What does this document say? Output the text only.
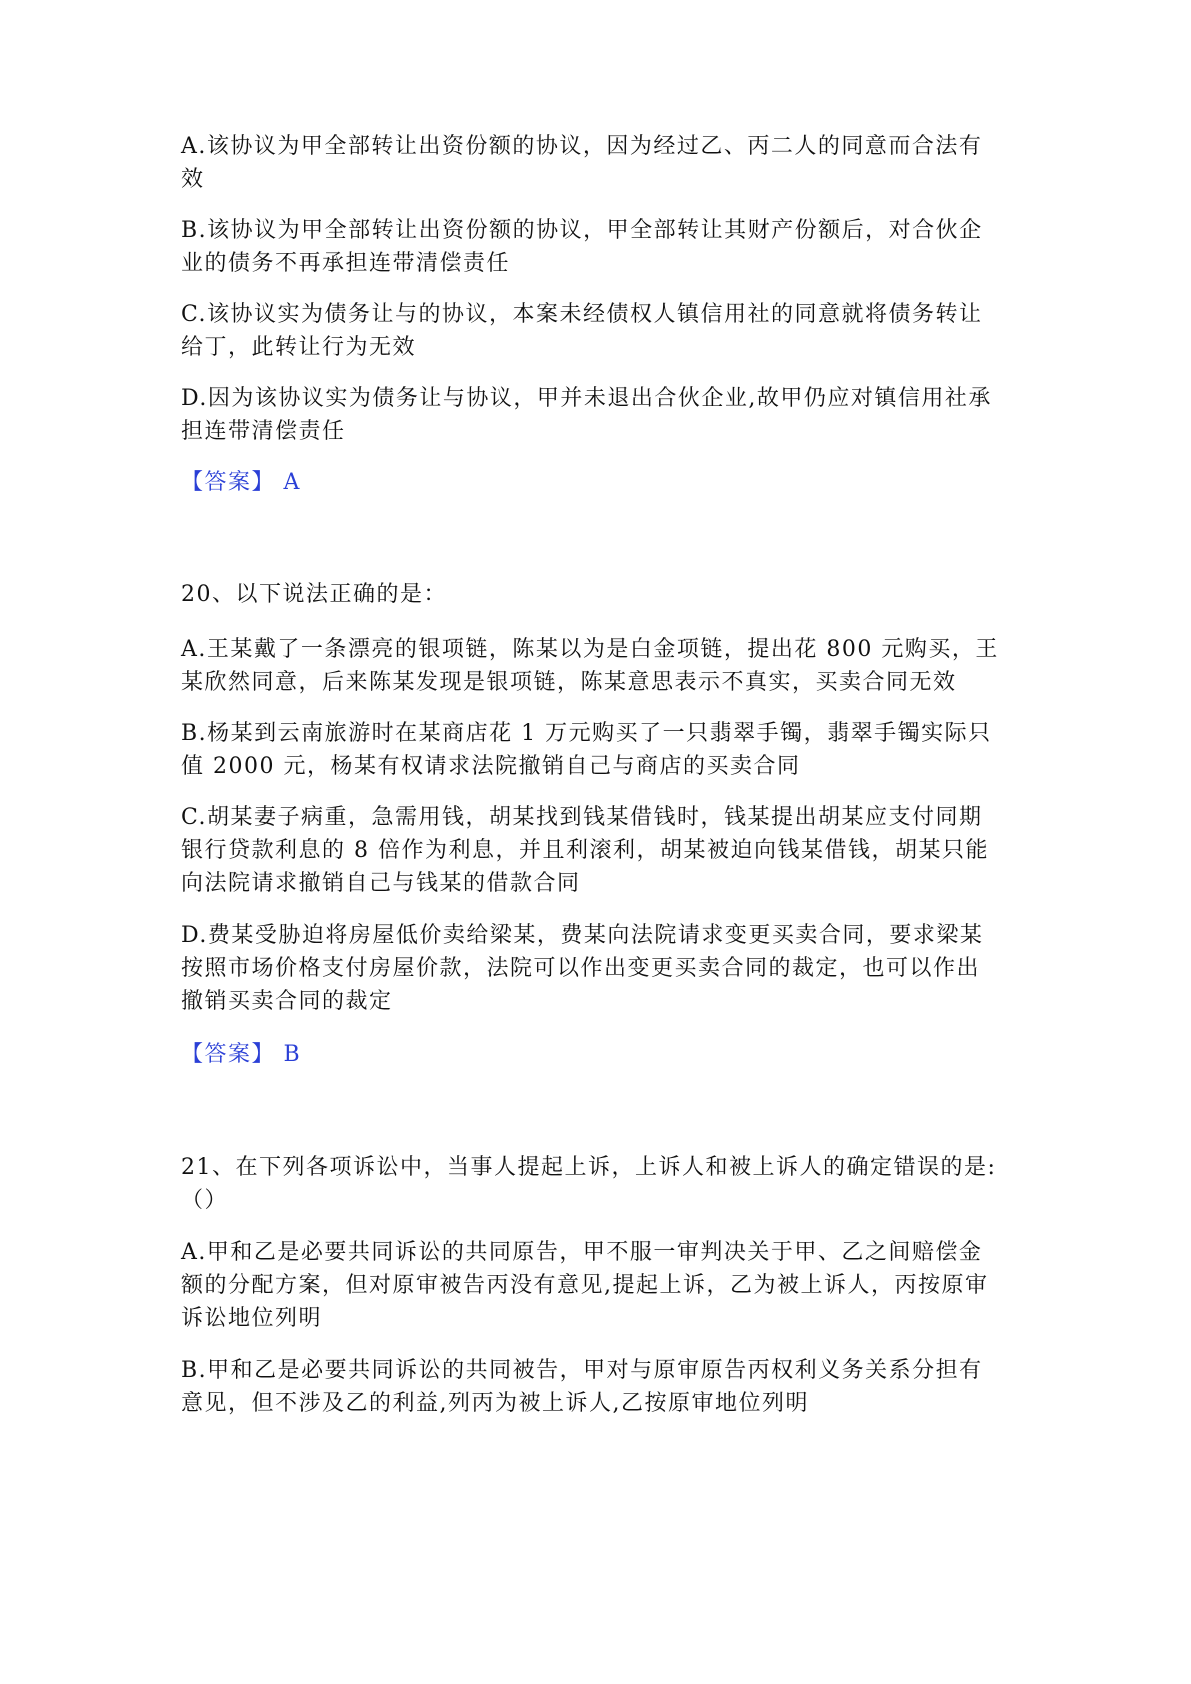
A.该协议为甲全部转让出资份额的协议，因为经过乙、丙二人的同意而合法有
效

B.该协议为甲全部转让出资份额的协议，甲全部转让其财产份额后，对合伙企
业的债务不再承担连带清偿责任

C.该协议实为债务让与的协议，本案未经债权人镇信用社的同意就将债务转让
给丁，此转让行为无效

D.因为该协议实为债务让与协议，甲并未退出合伙企业,故甲仍应对镇信用社承
担连带清偿责任

【答案】 A

20、以下说法正确的是：

A.王某戴了一条漂亮的银项链，陈某以为是白金项链，提出花 800 元购买，王
某欣然同意，后来陈某发现是银项链，陈某意思表示不真实，买卖合同无效

B.杨某到云南旅游时在某商店花 1 万元购买了一只翡翠手镯，翡翠手镯实际只
值 2000 元，杨某有权请求法院撤销自己与商店的买卖合同

C.胡某妻子病重，急需用钱，胡某找到钱某借钱时，钱某提出胡某应支付同期
银行贷款利息的 8 倍作为利息，并且利滚利，胡某被迫向钱某借钱，胡某只能
向法院请求撤销自己与钱某的借款合同

D.费某受胁迫将房屋低价卖给梁某，费某向法院请求变更买卖合同，要求梁某
按照市场价格支付房屋价款，法院可以作出变更买卖合同的裁定，也可以作出
撤销买卖合同的裁定

【答案】 B

21、在下列各项诉讼中，当事人提起上诉，上诉人和被上诉人的确定错误的是:
（）

A.甲和乙是必要共同诉讼的共同原告，甲不服一审判决关于甲、乙之间赔偿金
额的分配方案，但对原审被告丙没有意见,提起上诉，乙为被上诉人，丙按原审
诉讼地位列明

B.甲和乙是必要共同诉讼的共同被告，甲对与原审原告丙权利义务关系分担有
意见，但不涉及乙的利益,列丙为被上诉人,乙按原审地位列明
